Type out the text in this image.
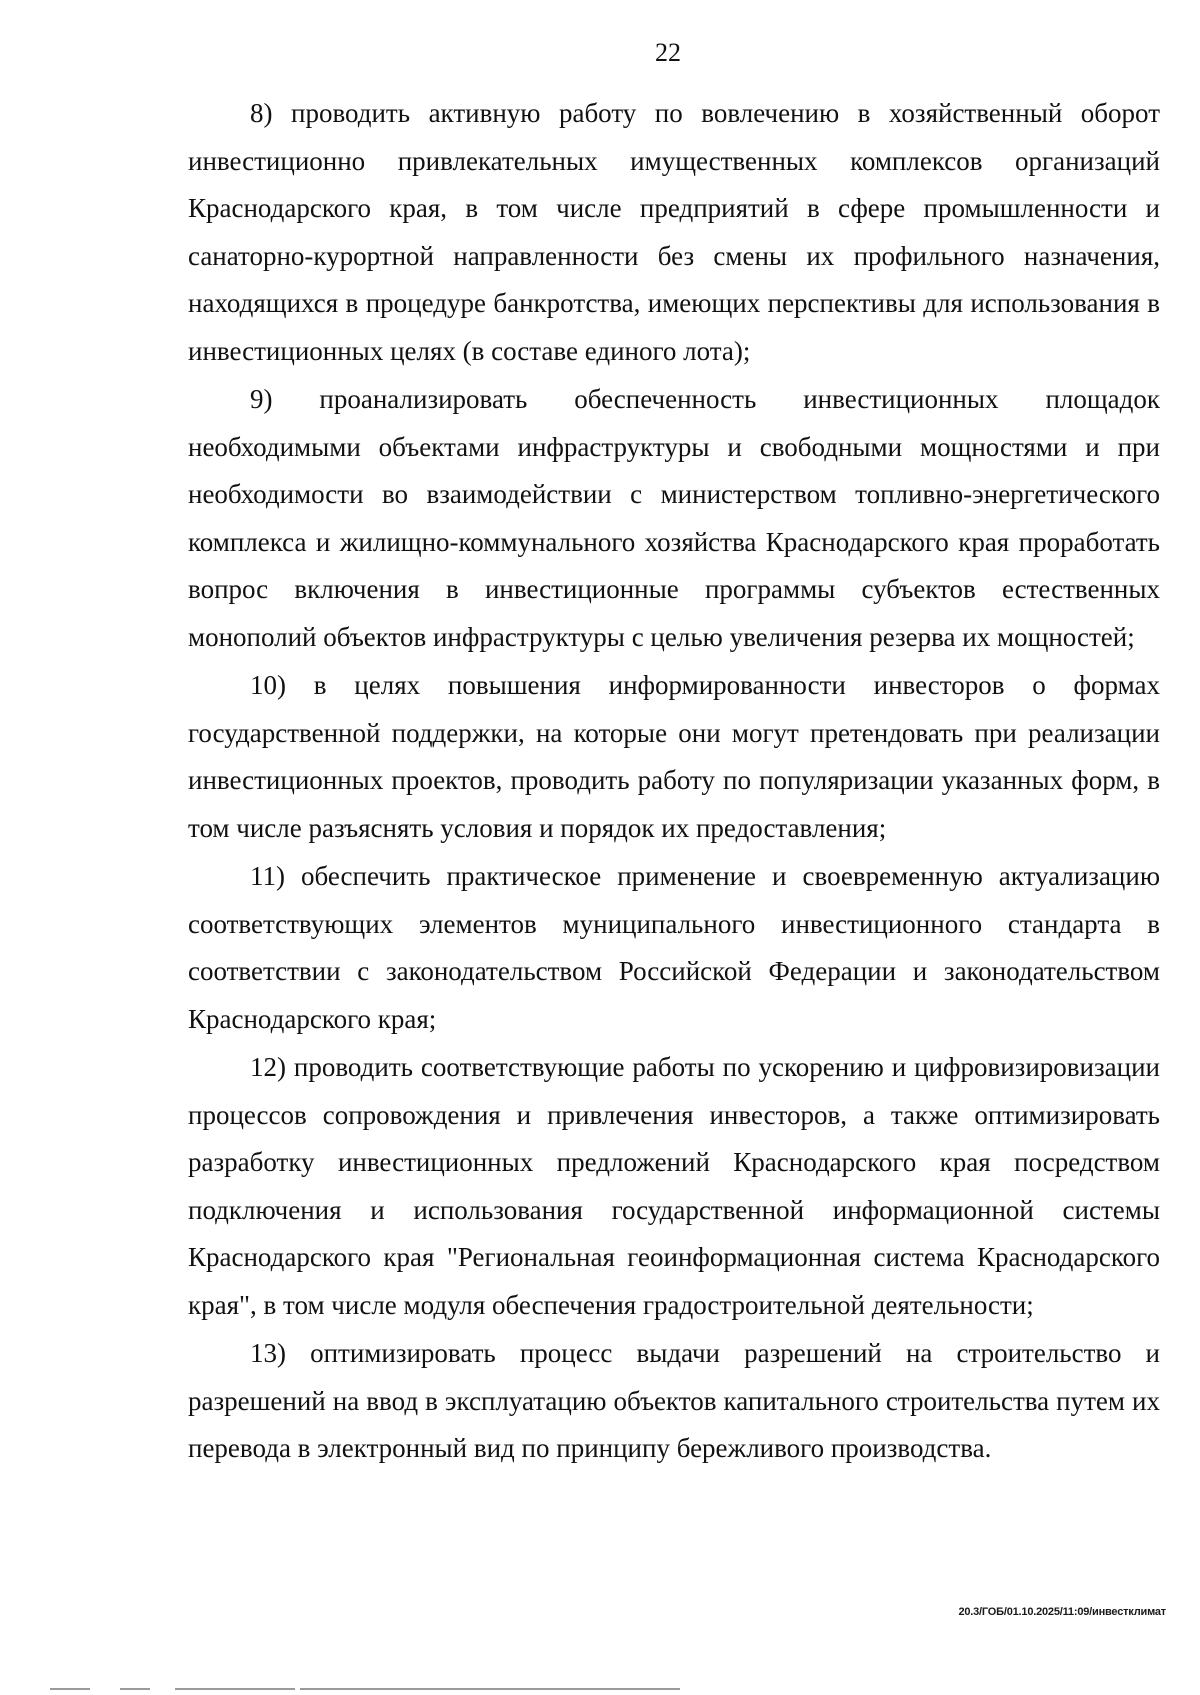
22

8) проводить активную работу по вовлечению в хозяйственный оборот инвестиционно привлекательных имущественных комплексов организаций Краснодарского края, в том числе предприятий в сфере промышленности и санаторно-курортной направленности без смены их профильного назначения, находящихся в процедуре банкротства, имеющих перспективы для использования в инвестиционных целях (в составе единого лота);

9) проанализировать обеспеченность инвестиционных площадок необходимыми объектами инфраструктуры и свободными мощностями и при необходимости во взаимодействии с министерством топливно-энергетического комплекса и жилищно-коммунального хозяйства Краснодарского края проработать вопрос включения в инвестиционные программы субъектов естественных монополий объектов инфраструктуры с целью увеличения резерва их мощностей;

10) в целях повышения информированности инвесторов о формах государственной поддержки, на которые они могут претендовать при реализации инвестиционных проектов, проводить работу по популяризации указанных форм, в том числе разъяснять условия и порядок их предоставления;

11) обеспечить практическое применение и своевременную актуализацию соответствующих элементов муниципального инвестиционного стандарта в соответствии с законодательством Российской Федерации и законодательством Краснодарского края;

12) проводить соответствующие работы по ускорению и цифровизировизации процессов сопровождения и привлечения инвесторов, а также оптимизировать разработку инвестиционных предложений Краснодарского края посредством подключения и использования государственной информационной системы Краснодарского края "Региональная геоинформационная система Краснодарского края", в том числе модуля обеспечения градостроительной деятельности;

13) оптимизировать процесс выдачи разрешений на строительство и разрешений на ввод в эксплуатацию объектов капитального строительства путем их перевода в электронный вид по принципу бережливого производства.

20.3/ГОБ/01.10.2025/11:09/инвестклимат
